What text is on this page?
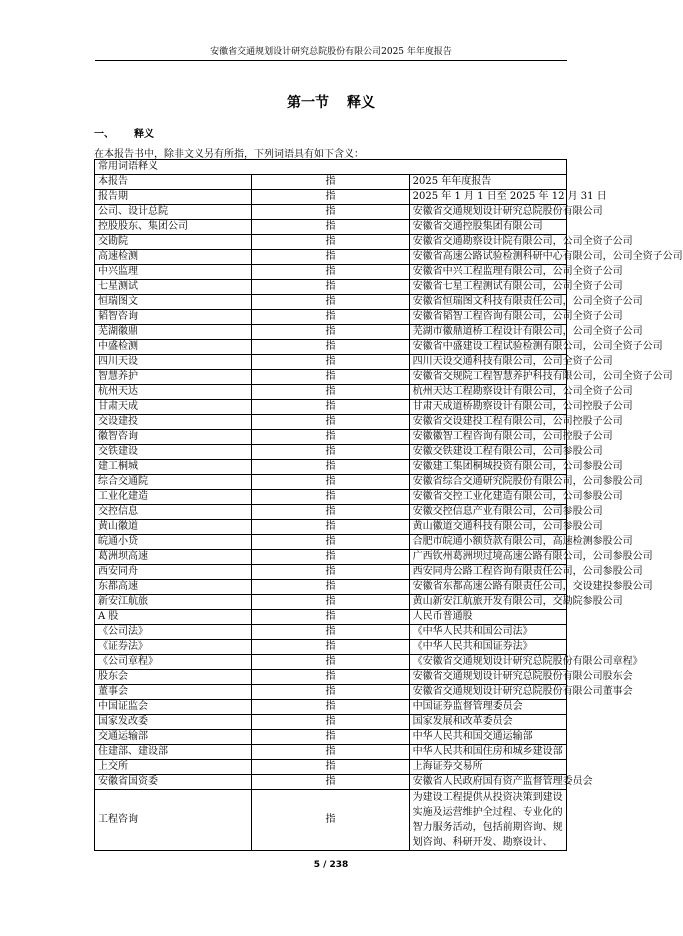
安徽省交通规划设计研究总院股份有限公司2025 年年度报告
第一节 释义
一、 释义
在本报告书中，除非文义另有所指，下列词语具有如下含义：
常用词语释义		
本报告	指	2025 年年度报告
报告期	指	2025 年 1 月 1 日至 2025 年 12 月 31 日
公司、设计总院	指	安徽省交通规划设计研究总院股份有限公司
控股股东、集团公司	指	安徽省交通控股集团有限公司
交勘院	指	安徽省交通勘察设计院有限公司，公司全资子公司
高速检测	指	安徽省高速公路试验检测科研中心有限公司，公司全资子公司
中兴监理	指	安徽省中兴工程监理有限公司，公司全资子公司
七星测试	指	安徽省七星工程测试有限公司，公司全资子公司
恒瑞图文	指	安徽省恒瑞图文科技有限责任公司，公司全资子公司
韬智咨询	指	安徽省韬智工程咨询有限公司，公司全资子公司
芜湖徽鼎	指	芜湖市徽鼎道桥工程设计有限公司，公司全资子公司
中盛检测	指	安徽省中盛建设工程试验检测有限公司，公司全资子公司
四川天设	指	四川天设交通科技有限公司，公司全资子公司
智慧养护	指	安徽省交规院工程智慧养护科技有限公司，公司全资子公司
杭州天达	指	杭州天达工程勘察设计有限公司，公司全资子公司
甘肃天成	指	甘肃天成道桥勘察设计有限公司，公司控股子公司
交设建投	指	安徽省交设建投工程有限公司，公司控股子公司
徽智咨询	指	安徽徽智工程咨询有限公司，公司控股子公司
交铁建设	指	安徽交铁建设工程有限公司，公司参股公司
建工桐城	指	安徽建工集团桐城投资有限公司，公司参股公司
综合交通院	指	安徽省综合交通研究院股份有限公司，公司参股公司
工业化建造	指	安徽省交控工业化建造有限公司，公司参股公司
交控信息	指	安徽交控信息产业有限公司，公司参股公司
黄山徽道	指	黄山徽道交通科技有限公司，公司参股公司
皖通小贷	指	合肥市皖通小额贷款有限公司，高速检测参股公司
葛洲坝高速	指	广西钦州葛洲坝过境高速公路有限公司，公司参股公司
西安同舟	指	西安同舟公路工程咨询有限责任公司，公司参股公司
东都高速	指	安徽省东都高速公路有限责任公司，交设建投参股公司
新安江航旅	指	黄山新安江航旅开发有限公司，交勘院参股公司
A 股	指	人民币普通股
《公司法》	指	《中华人民共和国公司法》
《证券法》	指	《中华人民共和国证券法》
《公司章程》	指	《安徽省交通规划设计研究总院股份有限公司章程》
股东会	指	安徽省交通规划设计研究总院股份有限公司股东会
董事会	指	安徽省交通规划设计研究总院股份有限公司董事会
中国证监会	指	中国证券监督管理委员会
国家发改委	指	国家发展和改革委员会
交通运输部	指	中华人民共和国交通运输部
住建部、建设部	指	中华人民共和国住房和城乡建设部
上交所	指	上海证券交易所
安徽省国资委	指	安徽省人民政府国有资产监督管理委员会
工程咨询	指	为建设工程提供从投资决策到建设实施及运营维护全过程、专业化的智力服务活动，包括前期咨询、规划咨询、科研开发、勘察设计、
5 / 238
